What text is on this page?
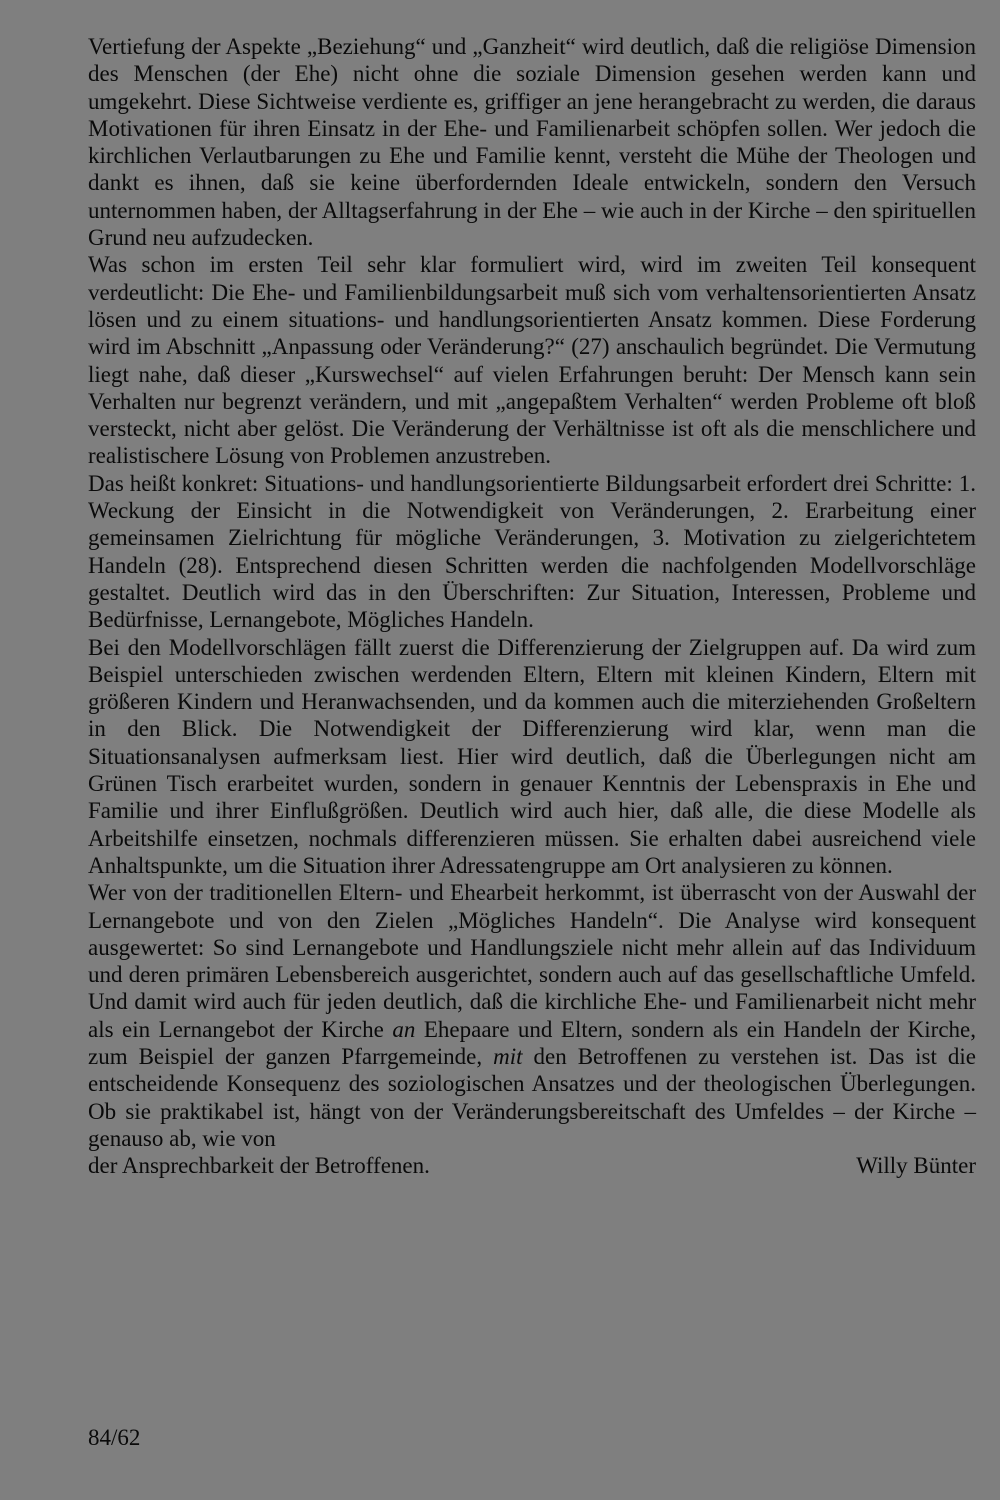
Vertiefung der Aspekte „Beziehung“ und „Ganzheit“ wird deutlich, daß die religiöse Dimension des Menschen (der Ehe) nicht ohne die soziale Dimension gesehen werden kann und umgekehrt. Diese Sichtweise verdiente es, griffiger an jene herangebracht zu werden, die daraus Motivationen für ihren Einsatz in der Ehe- und Familienarbeit schöpfen sollen. Wer jedoch die kirchlichen Verlautbarungen zu Ehe und Familie kennt, versteht die Mühe der Theologen und dankt es ihnen, daß sie keine überfordernden Ideale entwickeln, sondern den Versuch unternommen haben, der Alltagserfahrung in der Ehe – wie auch in der Kirche – den spirituellen Grund neu aufzudecken.

Was schon im ersten Teil sehr klar formuliert wird, wird im zweiten Teil konsequent verdeutlicht: Die Ehe- und Familienbildungsarbeit muß sich vom verhaltensorientierten Ansatz lösen und zu einem situations- und handlungsorientierten Ansatz kommen. Diese Forderung wird im Abschnitt „Anpassung oder Veränderung?“ (27) anschaulich begründet. Die Vermutung liegt nahe, daß dieser „Kurswechsel“ auf vielen Erfahrungen beruht: Der Mensch kann sein Verhalten nur begrenzt verändern, und mit „angepaßtem Verhalten“ werden Probleme oft bloß versteckt, nicht aber gelöst. Die Veränderung der Verhältnisse ist oft als die menschlichere und realistischere Lösung von Problemen anzustreben.

Das heißt konkret: Situations- und handlungsorientierte Bildungsarbeit erfordert drei Schritte: 1. Weckung der Einsicht in die Notwendigkeit von Veränderungen, 2. Erarbeitung einer gemeinsamen Zielrichtung für mögliche Veränderungen, 3. Motivation zu zielgerichtetem Handeln (28). Entsprechend diesen Schritten werden die nachfolgenden Modellvorschläge gestaltet. Deutlich wird das in den Überschriften: Zur Situation, Interessen, Probleme und Bedürfnisse, Lernangebote, Mögliches Handeln.

Bei den Modellvorschlägen fällt zuerst die Differenzierung der Zielgruppen auf. Da wird zum Beispiel unterschieden zwischen werdenden Eltern, Eltern mit kleinen Kindern, Eltern mit größeren Kindern und Heranwachsenden, und da kommen auch die miterziehenden Großeltern in den Blick. Die Notwendigkeit der Differenzierung wird klar, wenn man die Situationsanalysen aufmerksam liest. Hier wird deutlich, daß die Überlegungen nicht am Grünen Tisch erarbeitet wurden, sondern in genauer Kenntnis der Lebenspraxis in Ehe und Familie und ihrer Einflußgrößen. Deutlich wird auch hier, daß alle, die diese Modelle als Arbeitshilfe einsetzen, nochmals differenzieren müssen. Sie erhalten dabei ausreichend viele Anhaltspunkte, um die Situation ihrer Adressatengruppe am Ort analysieren zu können.

Wer von der traditionellen Eltern- und Ehearbeit herkommt, ist überrascht von der Auswahl der Lernangebote und von den Zielen „Mögliches Handeln“. Die Analyse wird konsequent ausgewertet: So sind Lernangebote und Handlungsziele nicht mehr allein auf das Individuum und deren primären Lebensbereich ausgerichtet, sondern auch auf das gesellschaftliche Umfeld. Und damit wird auch für jeden deutlich, daß die kirchliche Ehe- und Familienarbeit nicht mehr als ein Lernangebot der Kirche an Ehepaare und Eltern, sondern als ein Handeln der Kirche, zum Beispiel der ganzen Pfarrgemeinde, mit den Betroffenen zu verstehen ist. Das ist die entscheidende Konsequenz des soziologischen Ansatzes und der theologischen Überlegungen. Ob sie praktikabel ist, hängt von der Veränderungsbereitschaft des Umfeldes – der Kirche – genauso ab, wie von

der Ansprechbarkeit der Betroffenen.	Willy Bünter
84/62
